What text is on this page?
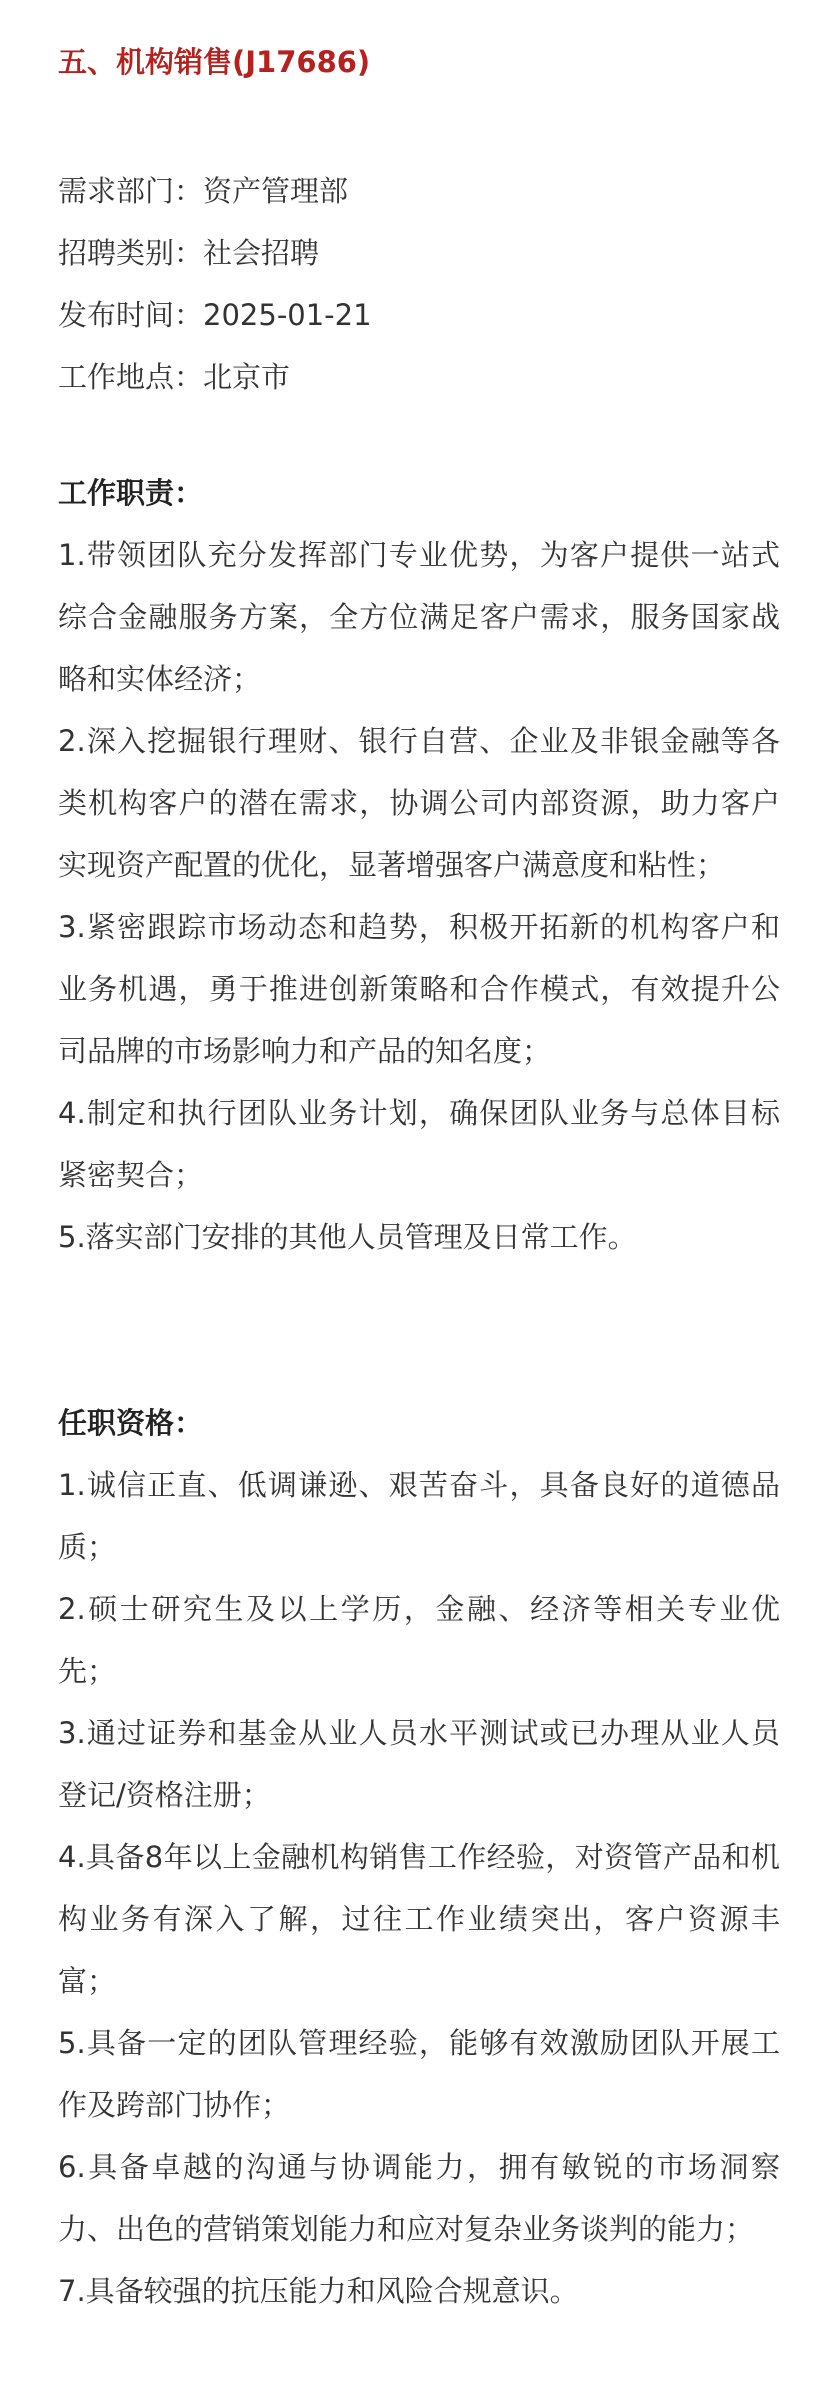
五、机构销售(J17686)
需求部门：资产管理部
招聘类别：社会招聘
发布时间：2025-01-21
工作地点：北京市
工作职责：
1.带领团队充分发挥部门专业优势，为客户提供一站式综合金融服务方案，全方位满足客户需求，服务国家战略和实体经济；
2.深入挖掘银行理财、银行自营、企业及非银金融等各类机构客户的潜在需求，协调公司内部资源，助力客户实现资产配置的优化，显著增强客户满意度和粘性；
3.紧密跟踪市场动态和趋势，积极开拓新的机构客户和业务机遇，勇于推进创新策略和合作模式，有效提升公司品牌的市场影响力和产品的知名度；
4.制定和执行团队业务计划，确保团队业务与总体目标紧密契合；
5.落实部门安排的其他人员管理及日常工作。
任职资格：
1.诚信正直、低调谦逊、艰苦奋斗，具备良好的道德品质；
2.硕士研究生及以上学历，金融、经济等相关专业优先；
3.通过证券和基金从业人员水平测试或已办理从业人员登记/资格注册；
4.具备8年以上金融机构销售工作经验，对资管产品和机构业务有深入了解，过往工作业绩突出，客户资源丰富；
5.具备一定的团队管理经验，能够有效激励团队开展工作及跨部门协作；
6.具备卓越的沟通与协调能力，拥有敏锐的市场洞察力、出色的营销策划能力和应对复杂业务谈判的能力；
7.具备较强的抗压能力和风险合规意识。
